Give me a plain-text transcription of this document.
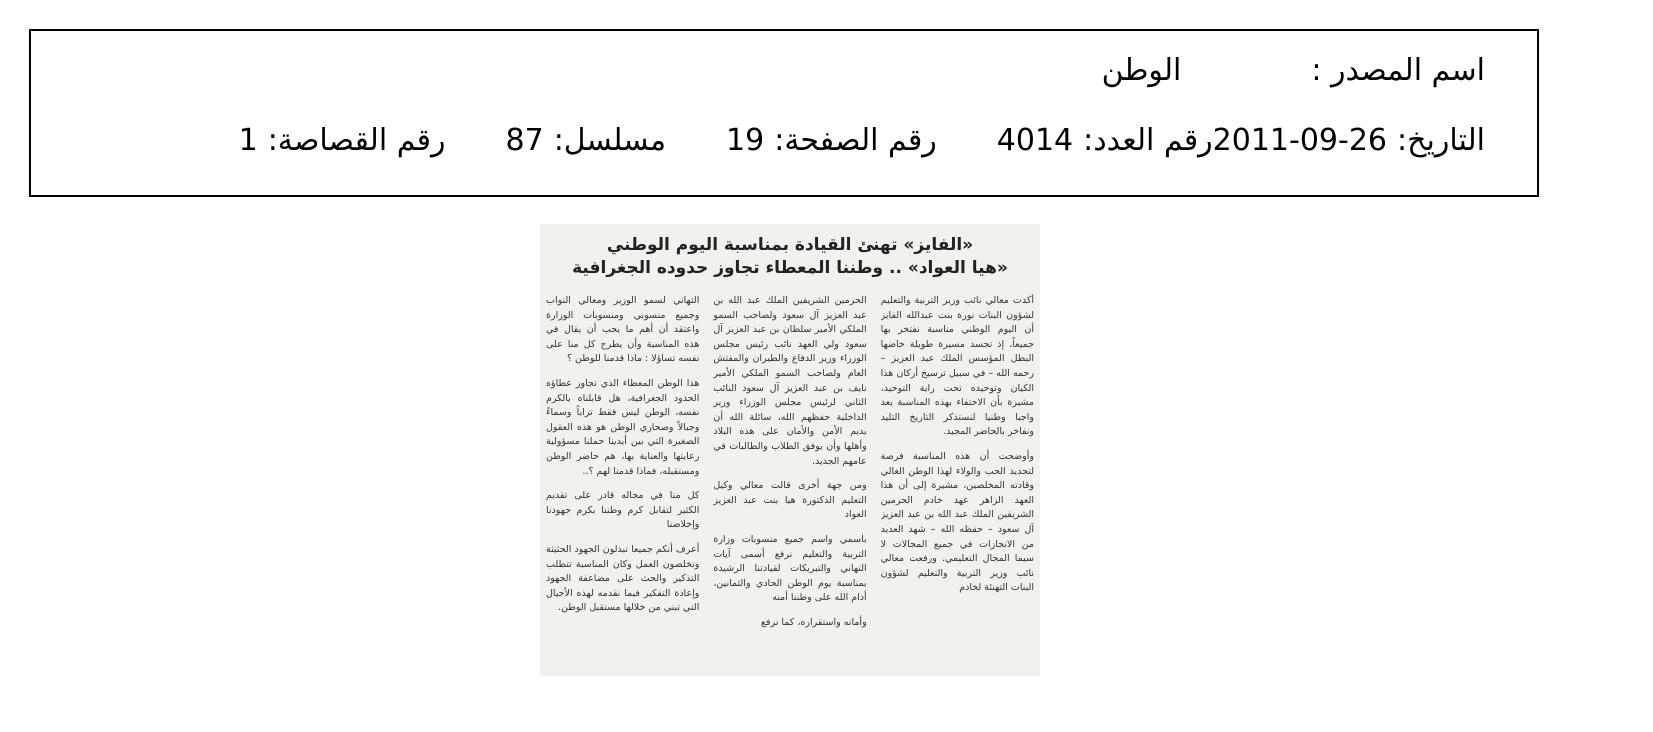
اسم المصدر :
الوطن
التاريخ:
2011-09-26
رقم العدد:
4014
رقم الصفحة:
19
مسلسل:
87
رقم القصاصة:
1
«الفايز» تهنئ القيادة بمناسبة اليوم الوطني
«هيا العواد» .. وطننا المعطاء تجاوز حدوده الجغرافية

أكدت معالي نائب وزير التربية والتعليم لشؤون البنات نورة بنت عبدالله الفايز أن اليوم الوطني مناسبة نفتخر بها جميعاً، إذ تجسد مسيرة طويلة خاضها البطل المؤسس الملك عبد العزيز – رحمه الله – في سبيل ترسيخ أركان هذا الكيان وتوحيده تحت راية التوحيد، مشيرة بأن الاحتفاء بهذه المناسبة يعد واجبا وطنيا لنستذكر التاريخ التليد ونفاخر بالحاضر المجيد.

وأوضحت أن هذه المناسبة فرصة لتجديد الحب والولاء لهذا الوطن الغالي وقادته المخلصين، مشيرة إلى أن هذا العهد الزاهر عهد خادم الحرمين الشريفين الملك عبد الله بن عبد العزيز آل سعود – حفظه الله – شهد العديد من الانجازات في جميع المجالات لا سيما المجال التعليمي. ورفعت معالي نائب وزير التربية والتعليم لشؤون البنات التهنئة لخادم

الحرمين الشريفين الملك عبد الله بن عبد العزيز آل سعود ولصاحب السمو الملكي الأمير سلطان بن عبد العزيز آل سعود ولي العهد نائب رئيس مجلس الوزراء وزير الدفاع والطيران والمفتش العام ولصاحب السمو الملكي الأمير نايف بن عبد العزيز آل سعود النائب الثاني لرئيس مجلس الوزراء وزير الداخلية حفظهم الله، سائلة الله أن يديم الأمن والأمان على هذه البلاد وأهلها وأن يوفق الطلاب والطالبات في عامهم الجديد.

ومن جهة أخرى قالت معالي وكيل التعليم الدكتورة هيا بنت عبد العزيز العواد

باسمي واسم جميع منسوبات وزارة التربية والتعليم نرفع أسمى آيات التهاني والتبريكات لقيادتنا الرشيدة بمناسبة يوم الوطن الحادي والثمانين، أدام الله على وطننا أمنه

وأمانه واستقراره، كما نرفع

التهاني لسمو الوزير ومعالي النواب وجميع منسوبي ومنسوبات الوزارة واعتقد أن أهم ما يجب أن يقال في هذه المناسبة وأن يطرح كل منا على نفسه تساؤلا : ماذا قدمنا للوطن ؟

هذا الوطن المعطاء الذي تجاوز عطاؤه الحدود الجغرافية، هل قابلناه بالكرم نفسه، الوطن ليس فقط تراباً وسماءً وجبالاً وصحاري الوطن هو هذه العقول الصغيرة التي بين أيدينا حملنا مسؤولية رعايتها والعناية بها، هم حاضر الوطن ومستقبله، فماذا قدمنا لهم ؟..

كل منا في مجاله قادر على تقديم الكثير لتقابل كرم وطننا بكرم جهودنا وإخلاصنا

أعرف أنكم جميعا تبذلون الجهود الحثيثة وتخلصون العمل وكان المناسبة تتطلب التذكير والحث على مضاعفة الجهود وإعادة التفكير فيما نقدمه لهذه الأجيال التي تبني من خلالها مستقبل الوطن.
